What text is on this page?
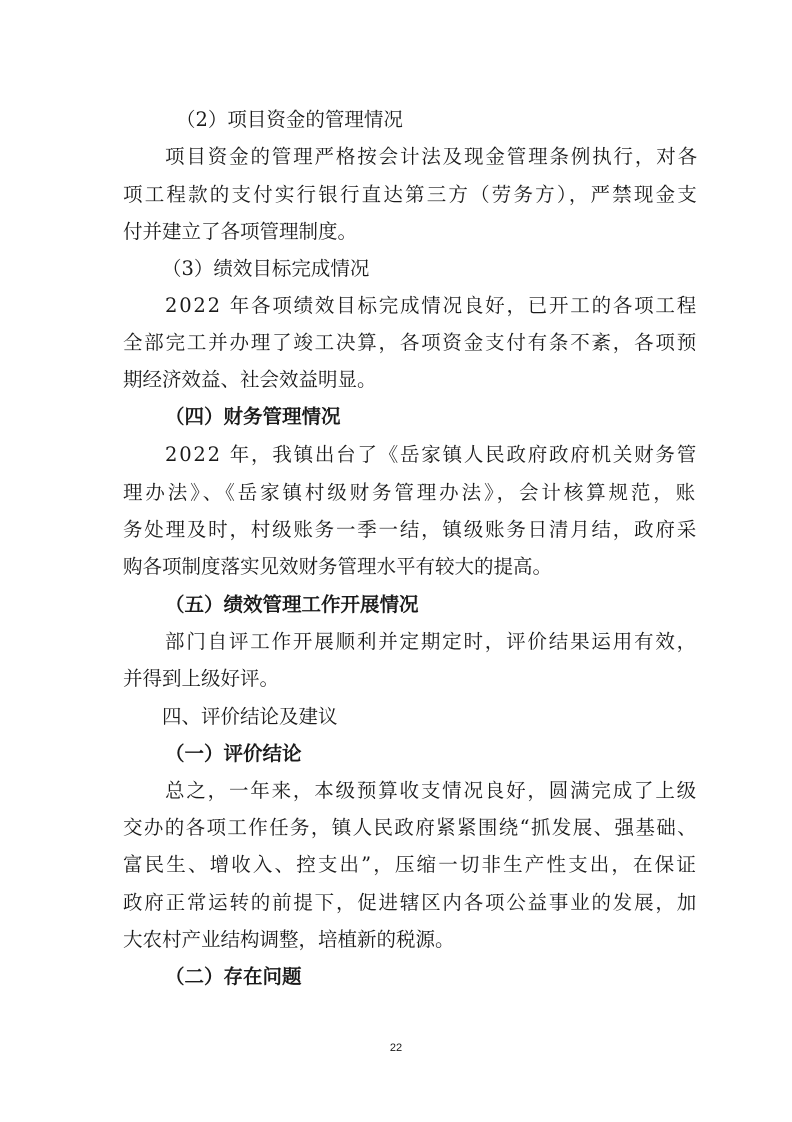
（2）项目资金的管理情况
项目资金的管理严格按会计法及现金管理条例执行，对各
项工程款的支付实行银行直达第三方（劳务方），严禁现金支
付并建立了各项管理制度。
（3）绩效目标完成情况
2022 年各项绩效目标完成情况良好，已开工的各项工程
全部完工并办理了竣工决算，各项资金支付有条不紊，各项预
期经济效益、社会效益明显。
（四）财务管理情况
2022 年，我镇出台了《岳家镇人民政府政府机关财务管
理办法》、《岳家镇村级财务管理办法》，会计核算规范，账
务处理及时，村级账务一季一结，镇级账务日清月结，政府采
购各项制度落实见效财务管理水平有较大的提高。
（五）绩效管理工作开展情况
部门自评工作开展顺利并定期定时，评价结果运用有效，
并得到上级好评。
四、评价结论及建议
（一）评价结论
总之，一年来，本级预算收支情况良好，圆满完成了上级
交办的各项工作任务，镇人民政府紧紧围绕“抓发展、强基础、
富民生、增收入、控支出”，压缩一切非生产性支出，在保证
政府正常运转的前提下，促进辖区内各项公益事业的发展，加
大农村产业结构调整，培植新的税源。
（二）存在问题
22
